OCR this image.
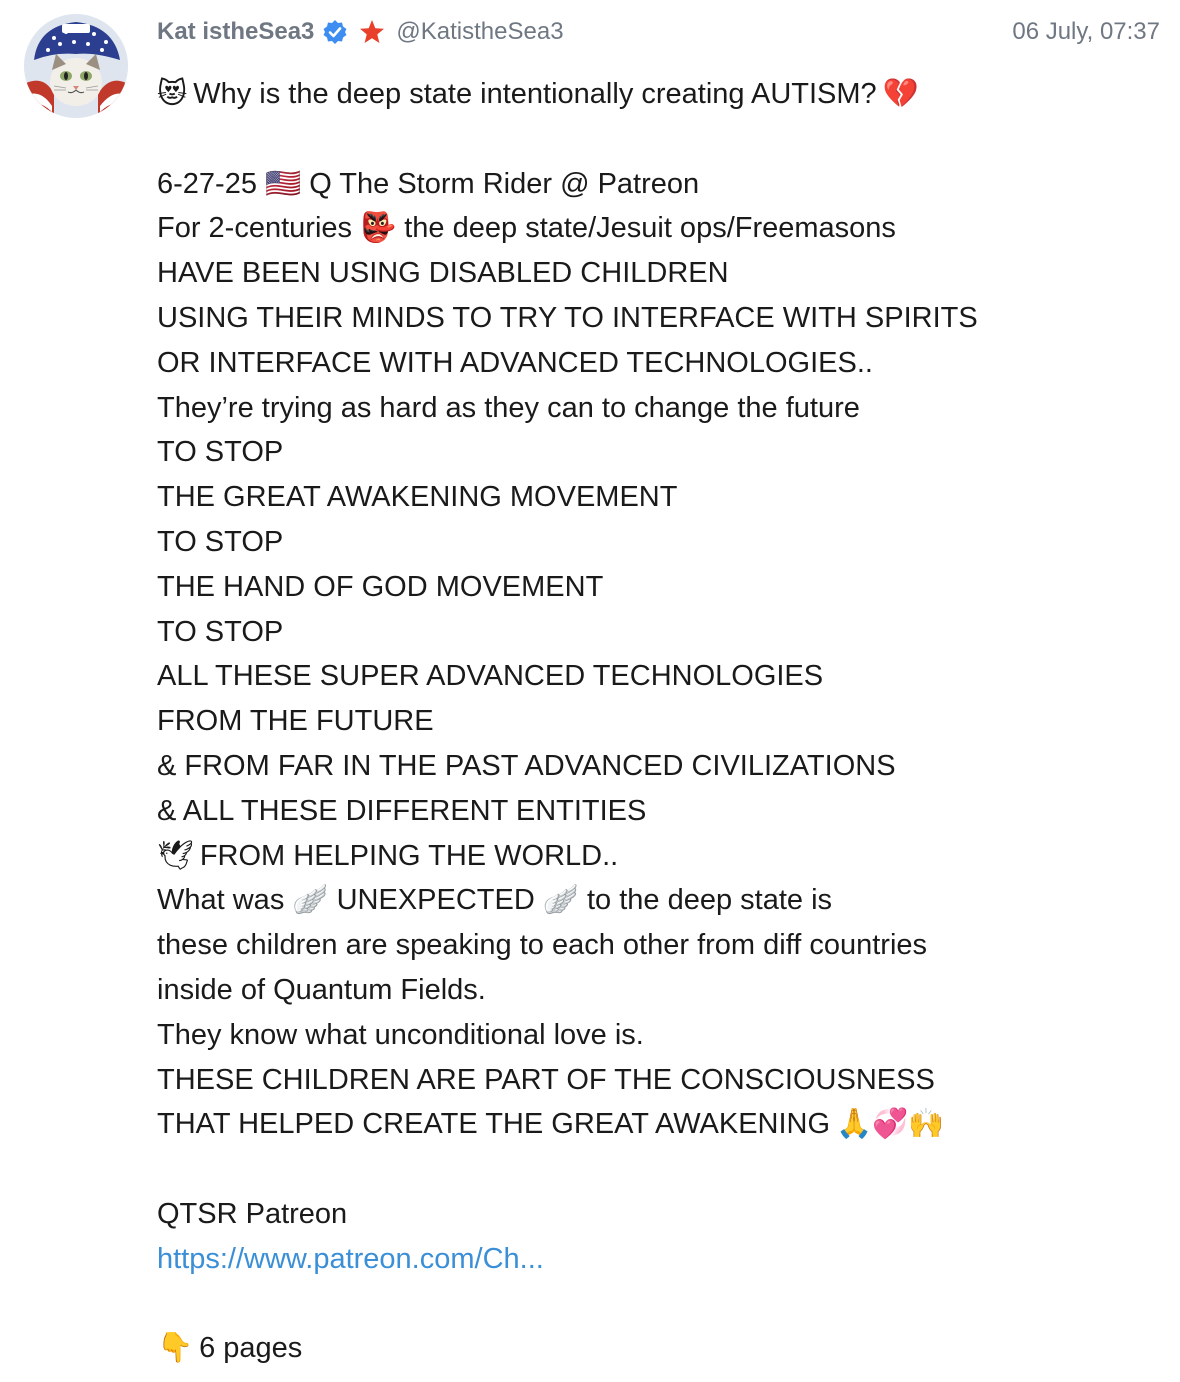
Kat istheSea3	@KatistheSea3	06 July, 07:37
😻 Why is the deep state intentionally creating AUTISM? 💔
6-27-25 🇺🇸 Q The Storm Rider @ Patreon
For 2-centuries 👺 the deep state/Jesuit ops/Freemasons
HAVE BEEN USING DISABLED CHILDREN
USING THEIR MINDS TO TRY TO INTERFACE WITH SPIRITS
OR INTERFACE WITH ADVANCED TECHNOLOGIES..
They’re trying as hard as they can to change the future
TO STOP
THE GREAT AWAKENING MOVEMENT
TO STOP
THE HAND OF GOD MOVEMENT
TO STOP
ALL THESE SUPER ADVANCED TECHNOLOGIES
FROM THE FUTURE
& FROM FAR IN THE PAST ADVANCED CIVILIZATIONS
& ALL THESE DIFFERENT ENTITIES
🕊 FROM HELPING THE WORLD..
What was 🪽 UNEXPECTED 🪽 to the deep state is
these children are speaking to each other from diff countries
inside of Quantum Fields.
They know what unconditional love is.
THESE CHILDREN ARE PART OF THE CONSCIOUSNESS
THAT HELPED CREATE THE GREAT AWAKENING 🙏💞🙌
QTSR Patreon
https://www.patreon.com/Ch...
👇 6 pages
